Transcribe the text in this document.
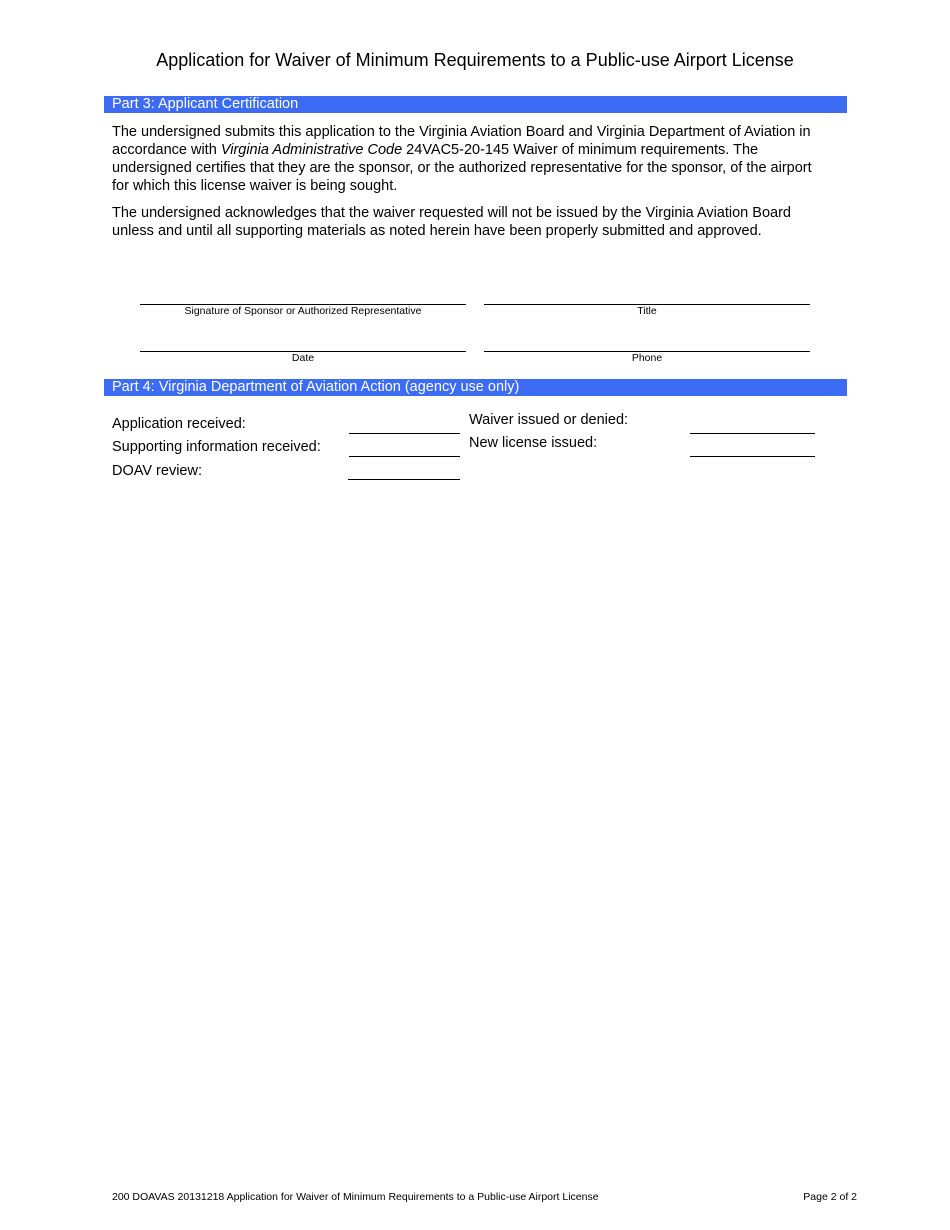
Application for Waiver of Minimum Requirements to a Public-use Airport License
Part 3: Applicant Certification

The undersigned submits this application to the Virginia Aviation Board and Virginia Department of Aviation in accordance with Virginia Administrative Code 24VAC5-20-145 Waiver of minimum requirements. The undersigned certifies that they are the sponsor, or the authorized representative for the sponsor, of the airport for which this license waiver is being sought.

The undersigned acknowledges that the waiver requested will not be issued by the Virginia Aviation Board unless and until all supporting materials as noted herein have been properly submitted and approved.

Signature of Sponsor or Authorized Representative	Title
Date	Phone
Part 4: Virginia Department of Aviation Action (agency use only)
Application received:
Supporting information received:
DOAV review:
Waiver issued or denied:
New license issued:
200 DOAVAS 20131218 Application for Waiver of Minimum Requirements to a Public-use Airport License	Page 2 of 2
